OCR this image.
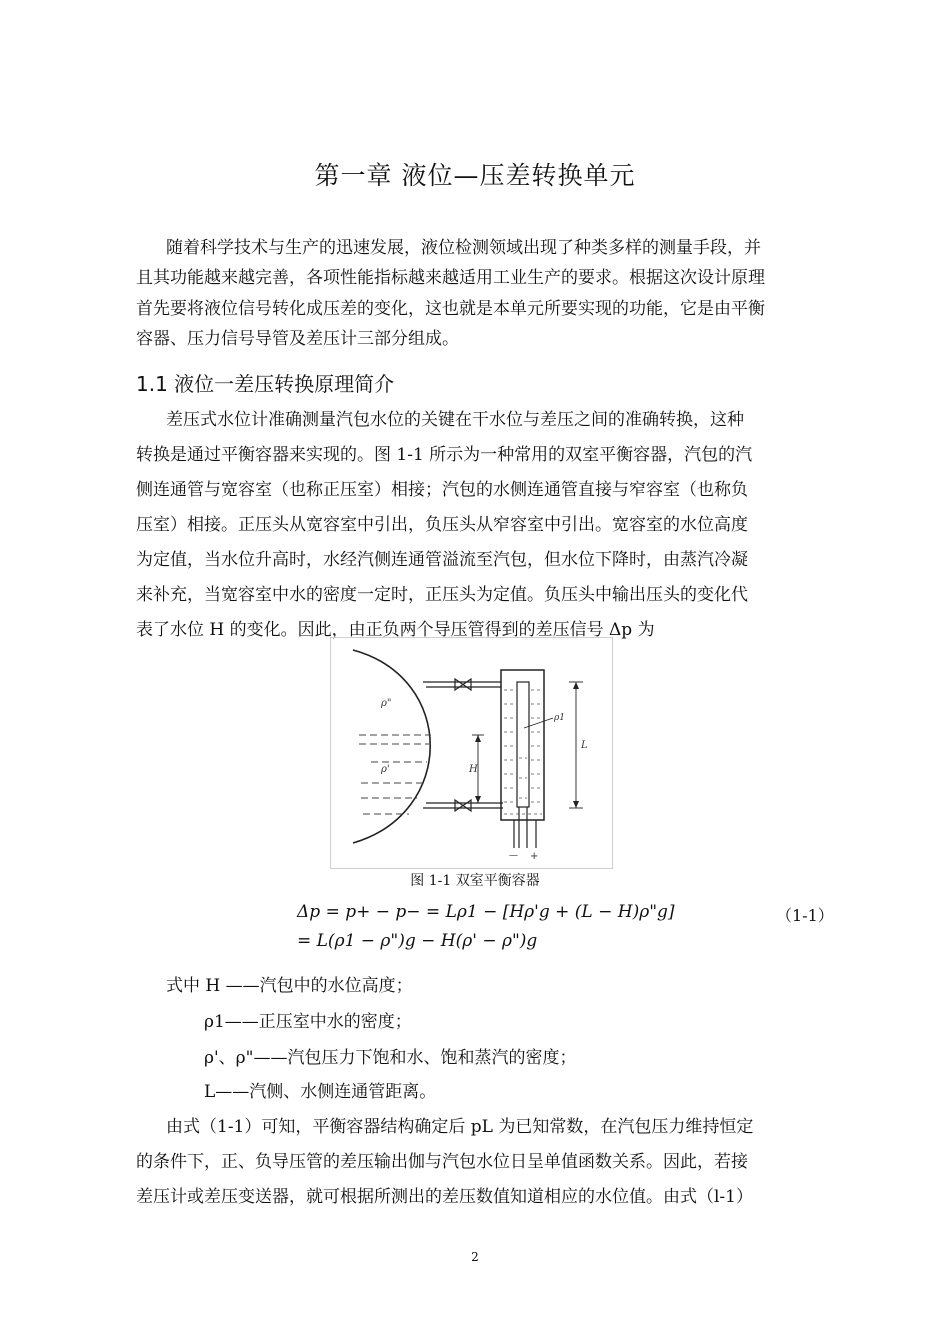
第一章 液位—压差转换单元
随着科学技术与生产的迅速发展，液位检测领域出现了种类多样的测量手段，并
且其功能越来越完善，各项性能指标越来越适用工业生产的要求。根据这次设计原理
首先要将液位信号转化成压差的变化，这也就是本单元所要实现的功能，它是由平衡
容器、压力信号导管及差压计三部分组成。
1.1 液位一差压转换原理简介
差压式水位计准确测量汽包水位的关键在干水位与差压之间的准确转换，这种
转换是通过平衡容器来实现的。图 1-1 所示为一种常用的双室平衡容器，汽包的汽
侧连通管与宽容室（也称正压室）相接；汽包的水侧连通管直接与窄容室（也称负
压室）相接。正压头从宽容室中引出，负压头从窄容室中引出。宽容室的水位高度
为定值，当水位升高时，水经汽侧连通管溢流至汽包，但水位下降时，由蒸汽冷凝
来补充，当宽容室中水的密度一定时，正压头为定值。负压头中输出压头的变化代
表了水位 H 的变化。因此，由正负两个导压管得到的差压信号 Δp 为
ρ"
ρ'
ρ1
L
H
— +
图 1-1 双室平衡容器
Δp = p+ − p− = Lρ1 − [Hρ'g + (L − H)ρ"g]
= L(ρ1 − ρ")g − H(ρ' − ρ")g
（1-1）
式中 H ——汽包中的水位高度；
ρ1——正压室中水的密度；
ρ'、ρ"——汽包压力下饱和水、饱和蒸汽的密度；
L——汽侧、水侧连通管距离。
由式（1-1）可知，平衡容器结构确定后 pL 为已知常数，在汽包压力维持恒定
的条件下，正、负导压管的差压输出伽与汽包水位日呈单值函数关系。因此，若接
差压计或差压变送器，就可根据所测出的差压数值知道相应的水位值。由式（l-1）
2
